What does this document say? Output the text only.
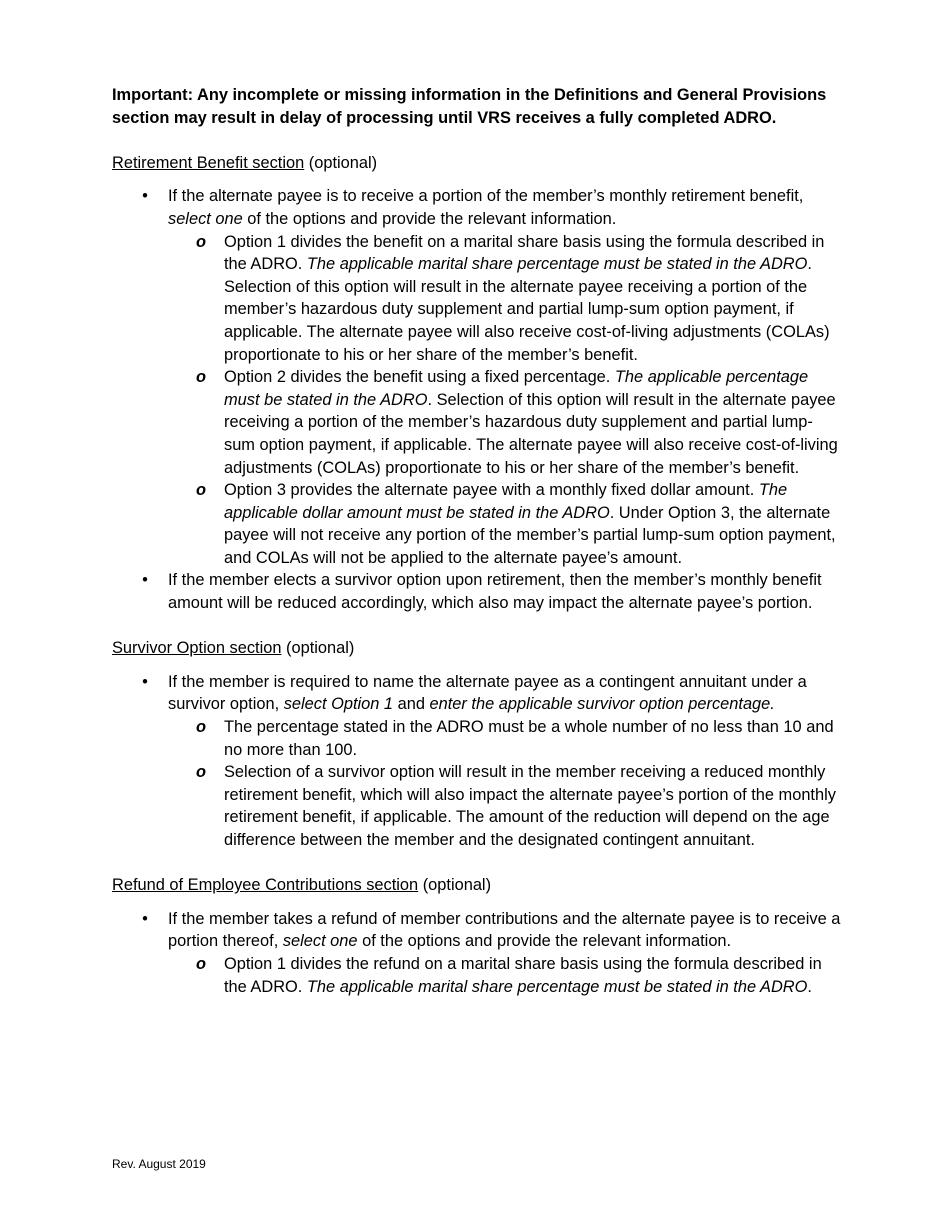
Important: Any incomplete or missing information in the Definitions and General Provisions section may result in delay of processing until VRS receives a fully completed ADRO.

Retirement Benefit section (optional)
• If the alternate payee is to receive a portion of the member’s monthly retirement benefit, select one of the options and provide the relevant information.
o Option 1 divides the benefit on a marital share basis using the formula described in the ADRO. The applicable marital share percentage must be stated in the ADRO. Selection of this option will result in the alternate payee receiving a portion of the member’s hazardous duty supplement and partial lump-sum option payment, if applicable. The alternate payee will also receive cost-of-living adjustments (COLAs) proportionate to his or her share of the member’s benefit.
o Option 2 divides the benefit using a fixed percentage. The applicable percentage must be stated in the ADRO. Selection of this option will result in the alternate payee receiving a portion of the member’s hazardous duty supplement and partial lump-sum option payment, if applicable. The alternate payee will also receive cost-of-living adjustments (COLAs) proportionate to his or her share of the member’s benefit.
o Option 3 provides the alternate payee with a monthly fixed dollar amount. The applicable dollar amount must be stated in the ADRO. Under Option 3, the alternate payee will not receive any portion of the member’s partial lump-sum option payment, and COLAs will not be applied to the alternate payee’s amount.
• If the member elects a survivor option upon retirement, then the member’s monthly benefit amount will be reduced accordingly, which also may impact the alternate payee’s portion.
Survivor Option section (optional)
• If the member is required to name the alternate payee as a contingent annuitant under a survivor option, select Option 1 and enter the applicable survivor option percentage.
o The percentage stated in the ADRO must be a whole number of no less than 10 and no more than 100.
o Selection of a survivor option will result in the member receiving a reduced monthly retirement benefit, which will also impact the alternate payee’s portion of the monthly retirement benefit, if applicable. The amount of the reduction will depend on the age difference between the member and the designated contingent annuitant.
Refund of Employee Contributions section (optional)
• If the member takes a refund of member contributions and the alternate payee is to receive a portion thereof, select one of the options and provide the relevant information.
o Option 1 divides the refund on a marital share basis using the formula described in the ADRO. The applicable marital share percentage must be stated in the ADRO.
Rev. August 2019
